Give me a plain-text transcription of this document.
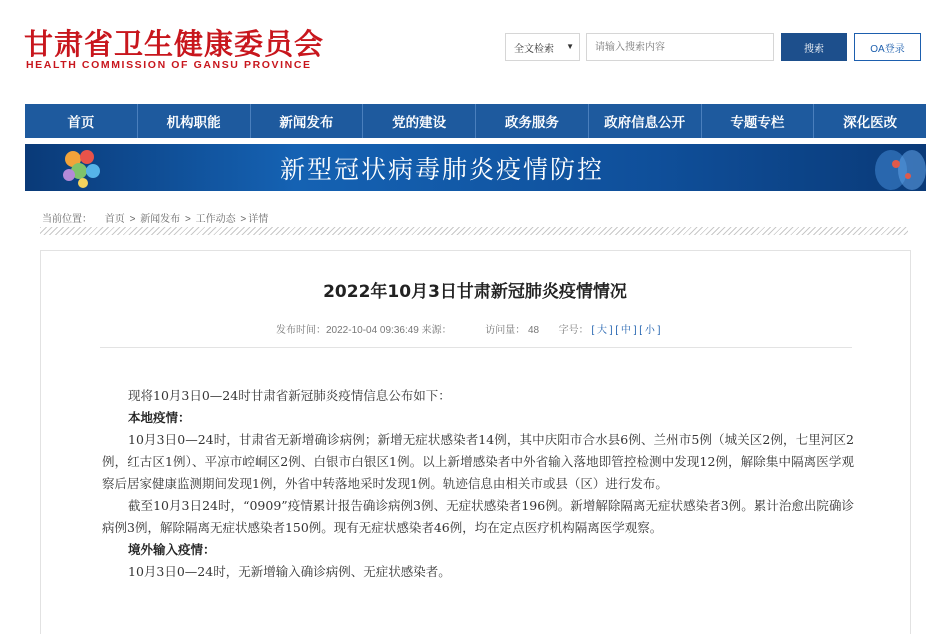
甘肃省卫生健康委员会
HEALTH COMMISSION OF GANSU PROVINCE
全文检索 ▼
请输入搜索内容	搜索	OA登录
首页	机构职能	新闻发布	党的建设	政务服务	政府信息公开	专题专栏	深化医改
新型冠状病毒肺炎疫情防控
当前位置： 首页 > 新闻发布 > 工作动态 > 详情
2022年10月3日甘肃新冠肺炎疫情情况
发布时间：2022-10-04 09:36:49 来源：	访问量： 48 字号： [ 大 ] [ 中 ] [ 小 ]

现将10月3日0—24时甘肃省新冠肺炎疫情信息公布如下：

本地疫情：

10月3日0—24时，甘肃省无新增确诊病例；新增无症状感染者14例，其中庆阳市合水县6例、兰州市5例（城关区2例，七里河区2例，红古区1例）、平凉市崆峒区2例、白银市白银区1例。以上新增感染者中外省输入落地即管控检测中发现12例，解除集中隔离医学观察后居家健康监测期间发现1例，外省中转落地采时发现1例。轨迹信息由相关市或县（区）进行发布。

截至10月3日24时，“0909”疫情累计报告确诊病例3例、无症状感染者196例。新增解除隔离无症状感染者3例。累计治愈出院确诊病例3例，解除隔离无症状感染者150例。现有无症状感染者46例，均在定点医疗机构隔离医学观察。

境外输入疫情：

10月3日0—24时，无新增输入确诊病例、无症状感染者。
